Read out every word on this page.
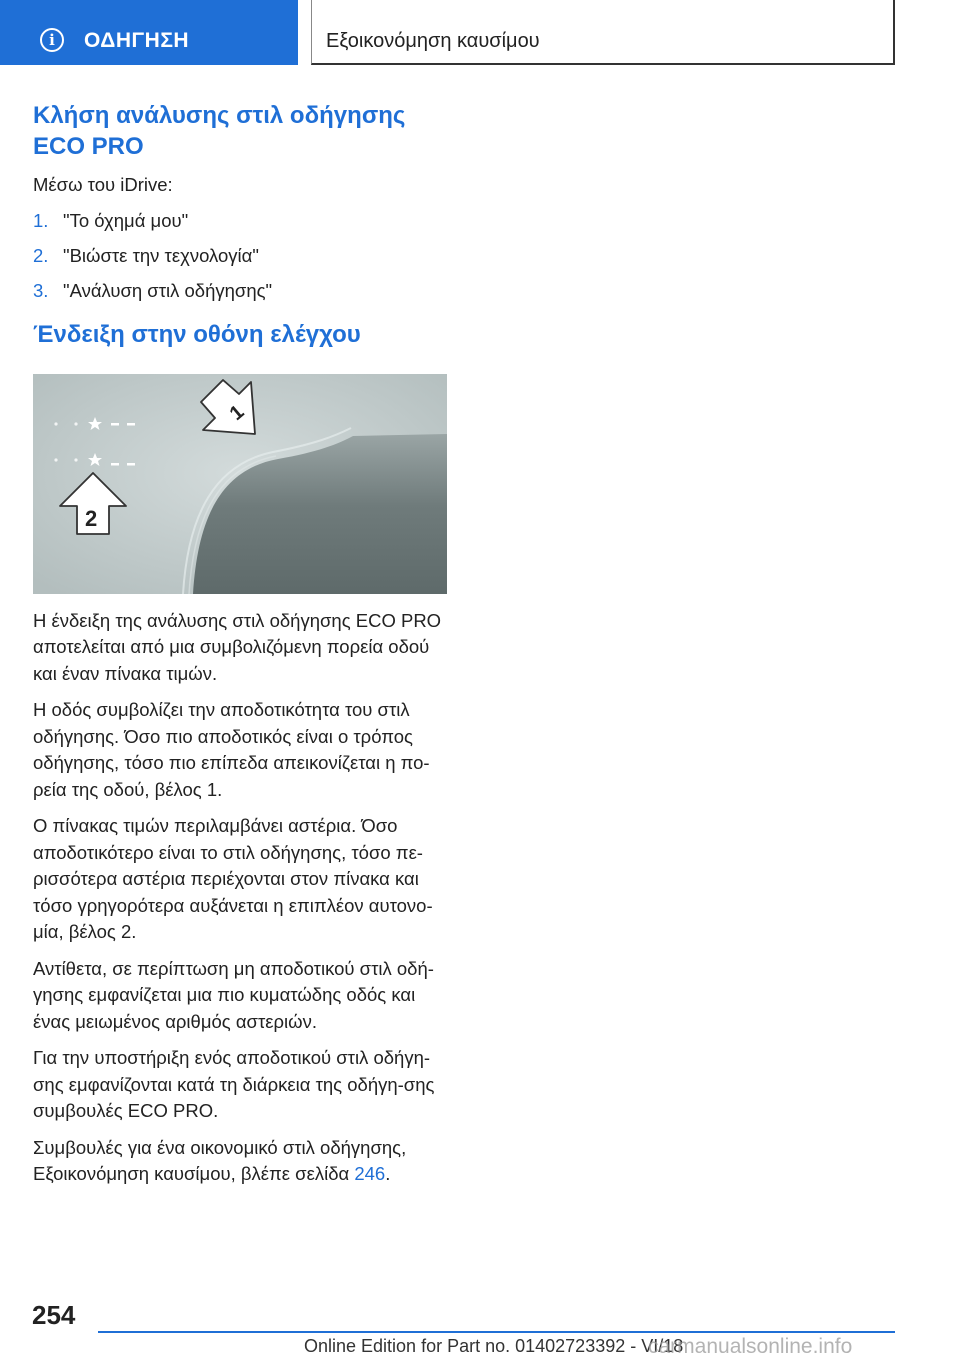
i	ΟΔΗΓΗΣΗ	Εξοικονόμηση καυσίμου
Κλήση ανάλυσης στιλ οδήγησης ECO PRO

Μέσω του iDrive:

1. "Το όχημά μου"
2. "Βιώστε την τεχνολογία"
3. "Ανάλυση στιλ οδήγησης"
Ένδειξη στην οθόνη ελέγχου
1
2

Η ένδειξη της ανάλυσης στιλ οδήγησης ECO PRO αποτελείται από μια συμβολιζόμενη πορεία οδού και έναν πίνακα τιμών.

Η οδός συμβολίζει την αποδοτικότητα του στιλ οδήγησης. Όσο πιο αποδοτικός είναι ο τρόπος οδήγησης, τόσο πιο επίπεδα απεικονίζεται η πο-ρεία της οδού, βέλος 1.

Ο πίνακας τιμών περιλαμβάνει αστέρια. Όσο αποδοτικότερο είναι το στιλ οδήγησης, τόσο πε-ρισσότερα αστέρια περιέχονται στον πίνακα και τόσο γρηγορότερα αυξάνεται η επιπλέον αυτονο-μία, βέλος 2.

Αντίθετα, σε περίπτωση μη αποδοτικού στιλ οδή-γησης εμφανίζεται μια πιο κυματώδης οδός και ένας μειωμένος αριθμός αστεριών.

Για την υποστήριξη ενός αποδοτικού στιλ οδήγη-σης εμφανίζονται κατά τη διάρκεια της οδήγη-σης συμβουλές ECO PRO.

Συμβουλές για ένα οικονομικό στιλ οδήγησης, Εξοικονόμηση καυσίμου, βλέπε σελίδα 246.

254
Online Edition for Part no. 01402723392 - VI/18
carmanualsonline.info
